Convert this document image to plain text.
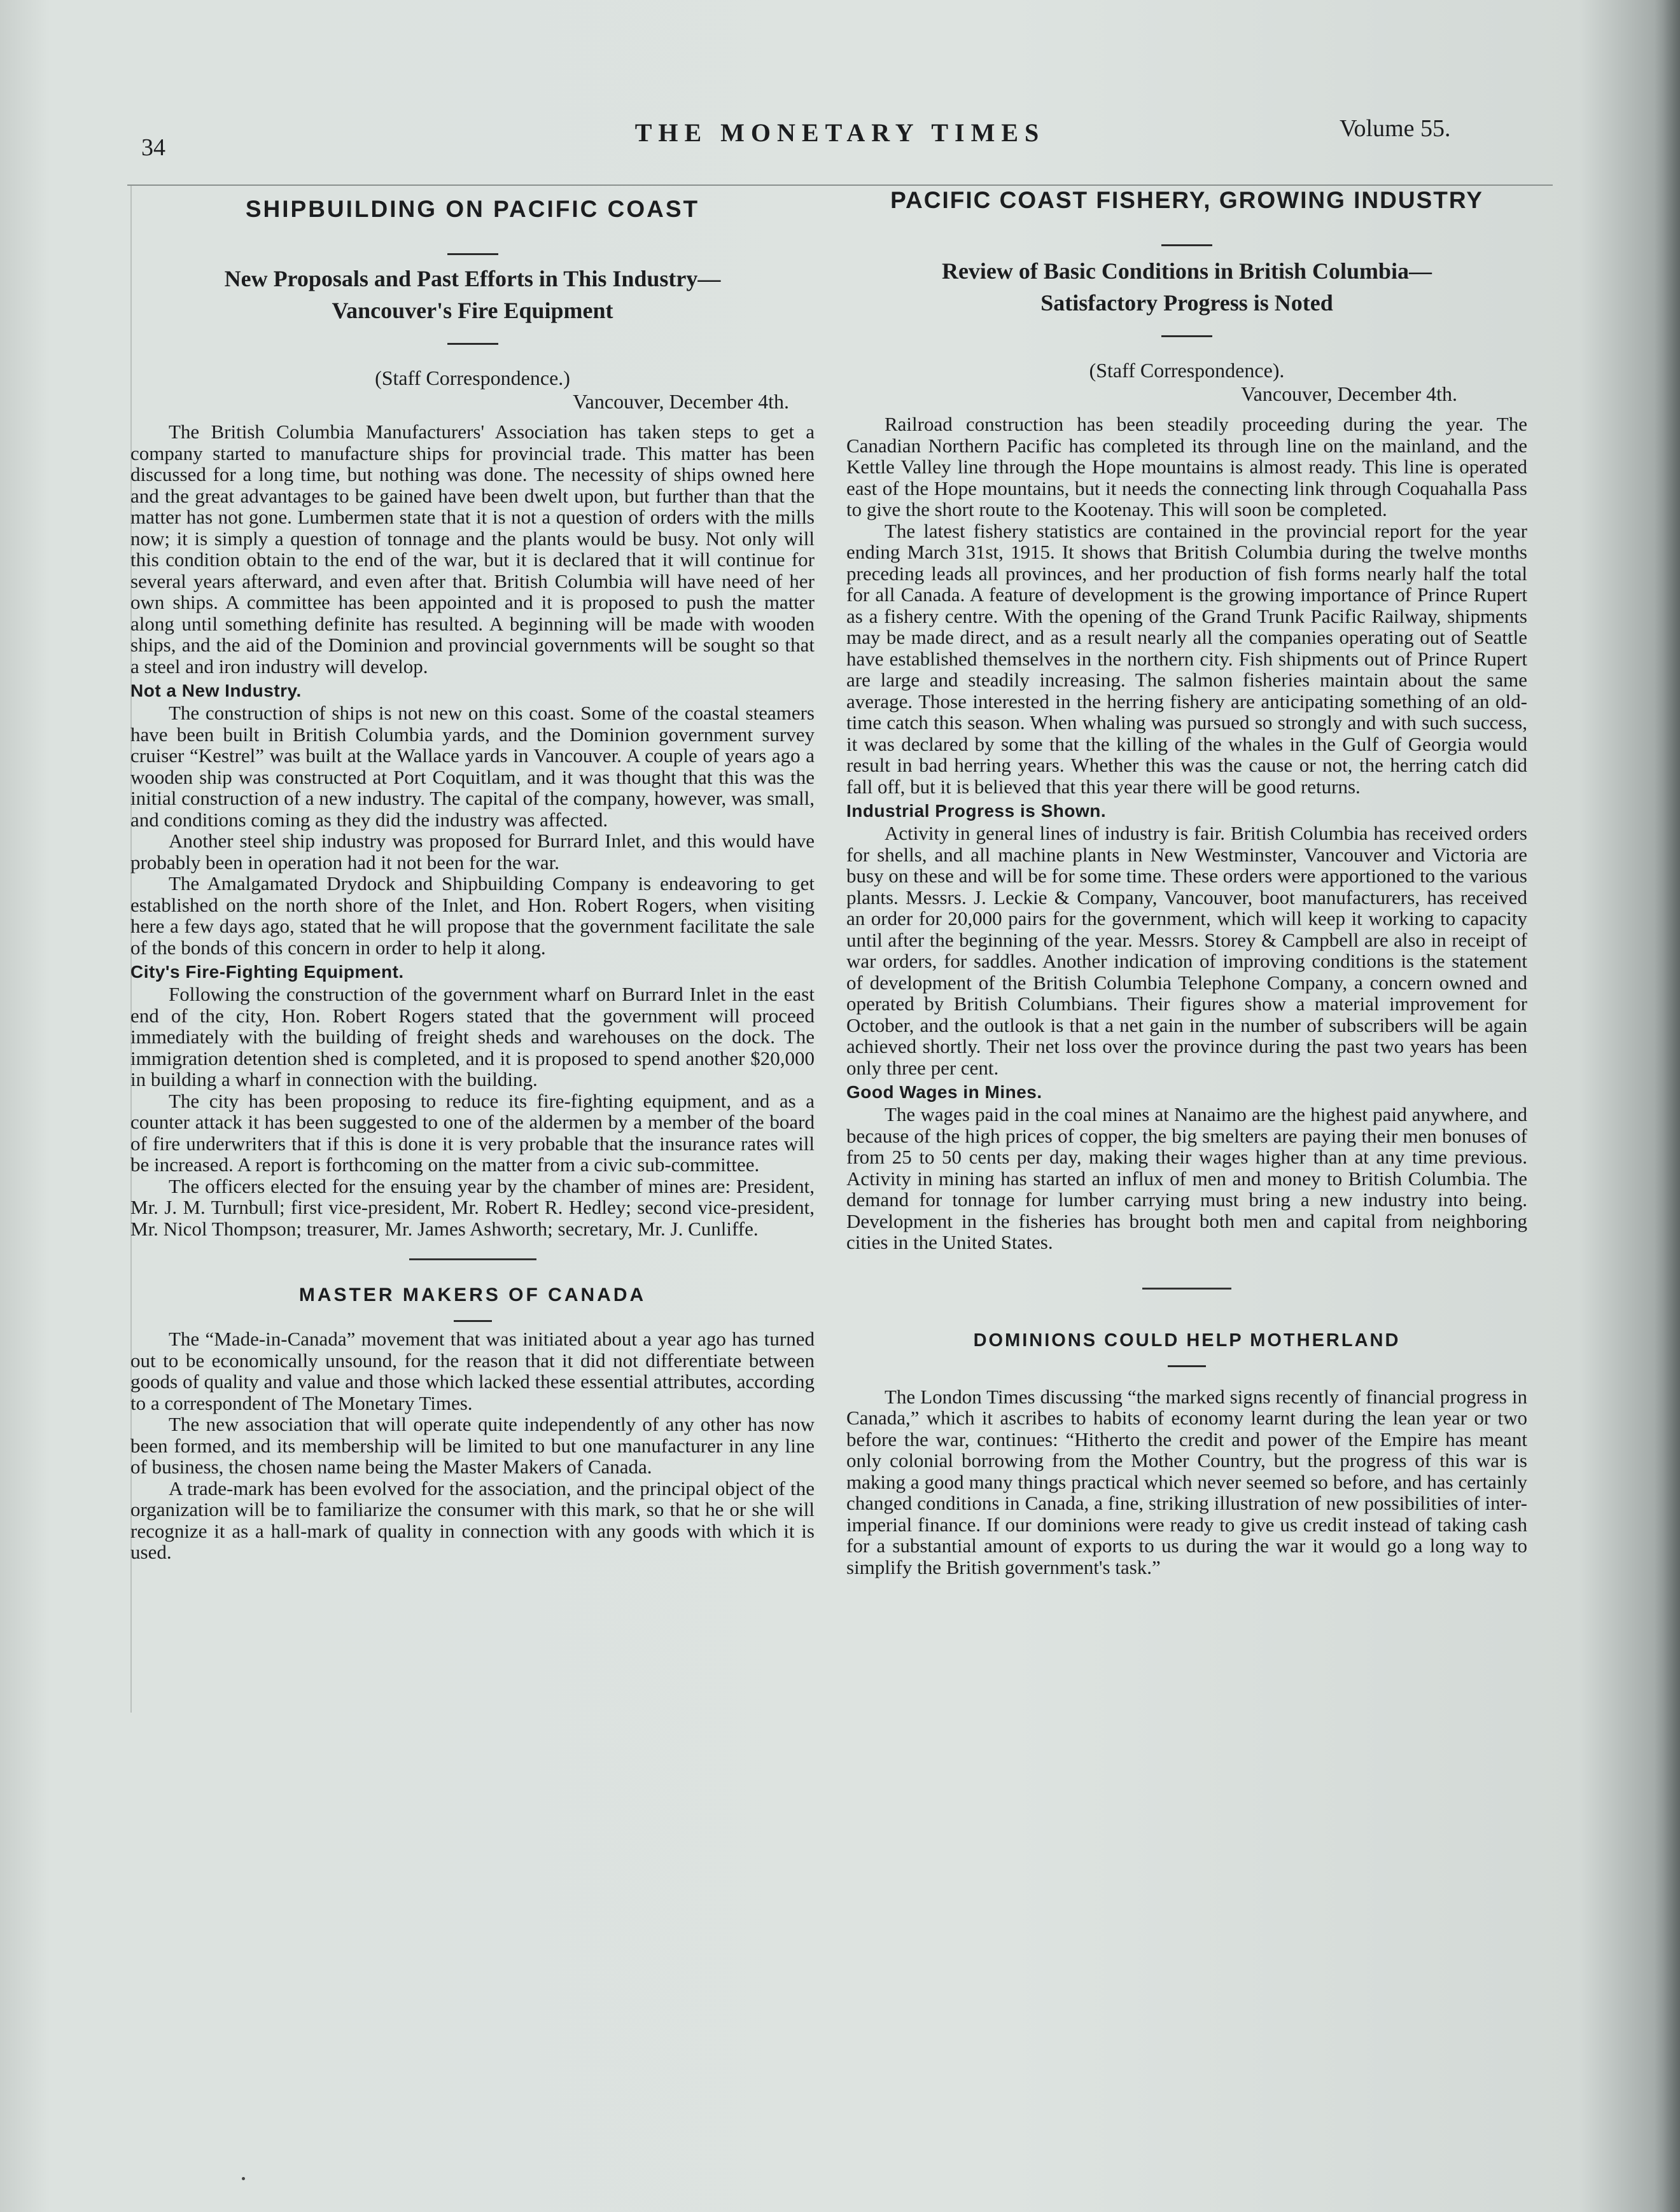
34
THE MONETARY TIMES	Volume 55.
SHIPBUILDING ON PACIFIC COAST

New Proposals and Past Efforts in This Industry—

Vancouver's Fire Equipment

(Staff Correspondence.)

Vancouver, December 4th.

The British Columbia Manufacturers' Association has taken steps to get a company started to manufacture ships for provincial trade. This matter has been discussed for a long time, but nothing was done. The necessity of ships owned here and the great advantages to be gained have been dwelt upon, but further than that the matter has not gone. Lumbermen state that it is not a question of orders with the mills now; it is simply a question of tonnage and the plants would be busy. Not only will this condition obtain to the end of the war, but it is declared that it will continue for several years afterward, and even after that. British Columbia will have need of her own ships. A committee has been appointed and it is proposed to push the matter along until something definite has resulted. A beginning will be made with wooden ships, and the aid of the Dominion and provincial governments will be sought so that a steel and iron industry will develop.

Not a New Industry.

The construction of ships is not new on this coast. Some of the coastal steamers have been built in British Columbia yards, and the Dominion government survey cruiser “Kestrel” was built at the Wallace yards in Vancouver. A couple of years ago a wooden ship was constructed at Port Coquitlam, and it was thought that this was the initial construction of a new industry. The capital of the company, however, was small, and conditions coming as they did the industry was affected.

Another steel ship industry was proposed for Burrard Inlet, and this would have probably been in operation had it not been for the war.

The Amalgamated Drydock and Shipbuilding Company is endeavoring to get established on the north shore of the Inlet, and Hon. Robert Rogers, when visiting here a few days ago, stated that he will propose that the government facilitate the sale of the bonds of this concern in order to help it along.

City's Fire-Fighting Equipment.

Following the construction of the government wharf on Burrard Inlet in the east end of the city, Hon. Robert Rogers stated that the government will proceed immediately with the building of freight sheds and warehouses on the dock. The immigration detention shed is completed, and it is proposed to spend another $20,000 in building a wharf in connection with the building.

The city has been proposing to reduce its fire-fighting equipment, and as a counter attack it has been suggested to one of the aldermen by a member of the board of fire underwriters that if this is done it is very probable that the insurance rates will be increased. A report is forthcoming on the matter from a civic sub-committee.

The officers elected for the ensuing year by the chamber of mines are: President, Mr. J. M. Turnbull; first vice-president, Mr. Robert R. Hedley; second vice-president, Mr. Nicol Thompson; treasurer, Mr. James Ashworth; secretary, Mr. J. Cunliffe.

MASTER MAKERS OF CANADA

The “Made-in-Canada” movement that was initiated about a year ago has turned out to be economically unsound, for the reason that it did not differentiate between goods of quality and value and those which lacked these essential attributes, according to a correspondent of The Monetary Times.

The new association that will operate quite independently of any other has now been formed, and its membership will be limited to but one manufacturer in any line of business, the chosen name being the Master Makers of Canada.

A trade-mark has been evolved for the association, and the principal object of the organization will be to familiarize the consumer with this mark, so that he or she will recognize it as a hall-mark of quality in connection with any goods with which it is used.

PACIFIC COAST FISHERY, GROWING INDUSTRY

Review of Basic Conditions in British Columbia—

Satisfactory Progress is Noted

(Staff Correspondence).

Vancouver, December 4th.

Railroad construction has been steadily proceeding during the year. The Canadian Northern Pacific has completed its through line on the mainland, and the Kettle Valley line through the Hope mountains is almost ready. This line is operated east of the Hope mountains, but it needs the connecting link through Coquahalla Pass to give the short route to the Kootenay. This will soon be completed.

The latest fishery statistics are contained in the provincial report for the year ending March 31st, 1915. It shows that British Columbia during the twelve months preceding leads all provinces, and her production of fish forms nearly half the total for all Canada. A feature of development is the growing importance of Prince Rupert as a fishery centre. With the opening of the Grand Trunk Pacific Railway, shipments may be made direct, and as a result nearly all the companies operating out of Seattle have established themselves in the northern city. Fish shipments out of Prince Rupert are large and steadily increasing. The salmon fisheries maintain about the same average. Those interested in the herring fishery are anticipating something of an old-time catch this season. When whaling was pursued so strongly and with such success, it was declared by some that the killing of the whales in the Gulf of Georgia would result in bad herring years. Whether this was the cause or not, the herring catch did fall off, but it is believed that this year there will be good returns.

Industrial Progress is Shown.

Activity in general lines of industry is fair. British Columbia has received orders for shells, and all machine plants in New Westminster, Vancouver and Victoria are busy on these and will be for some time. These orders were apportioned to the various plants. Messrs. J. Leckie & Company, Vancouver, boot manufacturers, has received an order for 20,000 pairs for the government, which will keep it working to capacity until after the beginning of the year. Messrs. Storey & Campbell are also in receipt of war orders, for saddles. Another indication of improving conditions is the statement of development of the British Columbia Telephone Company, a concern owned and operated by British Columbians. Their figures show a material improvement for October, and the outlook is that a net gain in the number of subscribers will be again achieved shortly. Their net loss over the province during the past two years has been only three per cent.

Good Wages in Mines.

The wages paid in the coal mines at Nanaimo are the highest paid anywhere, and because of the high prices of copper, the big smelters are paying their men bonuses of from 25 to 50 cents per day, making their wages higher than at any time previous. Activity in mining has started an influx of men and money to British Columbia. The demand for tonnage for lumber carrying must bring a new industry into being. Development in the fisheries has brought both men and capital from neighboring cities in the United States.

DOMINIONS COULD HELP MOTHERLAND

The London Times discussing “the marked signs recently of financial progress in Canada,” which it ascribes to habits of economy learnt during the lean year or two before the war, continues: “Hitherto the credit and power of the Empire has meant only colonial borrowing from the Mother Country, but the progress of this war is making a good many things practical which never seemed so before, and has certainly changed conditions in Canada, a fine, striking illustration of new possibilities of inter-imperial finance. If our dominions were ready to give us credit instead of taking cash for a substantial amount of exports to us during the war it would go a long way to simplify the British government's task.”
